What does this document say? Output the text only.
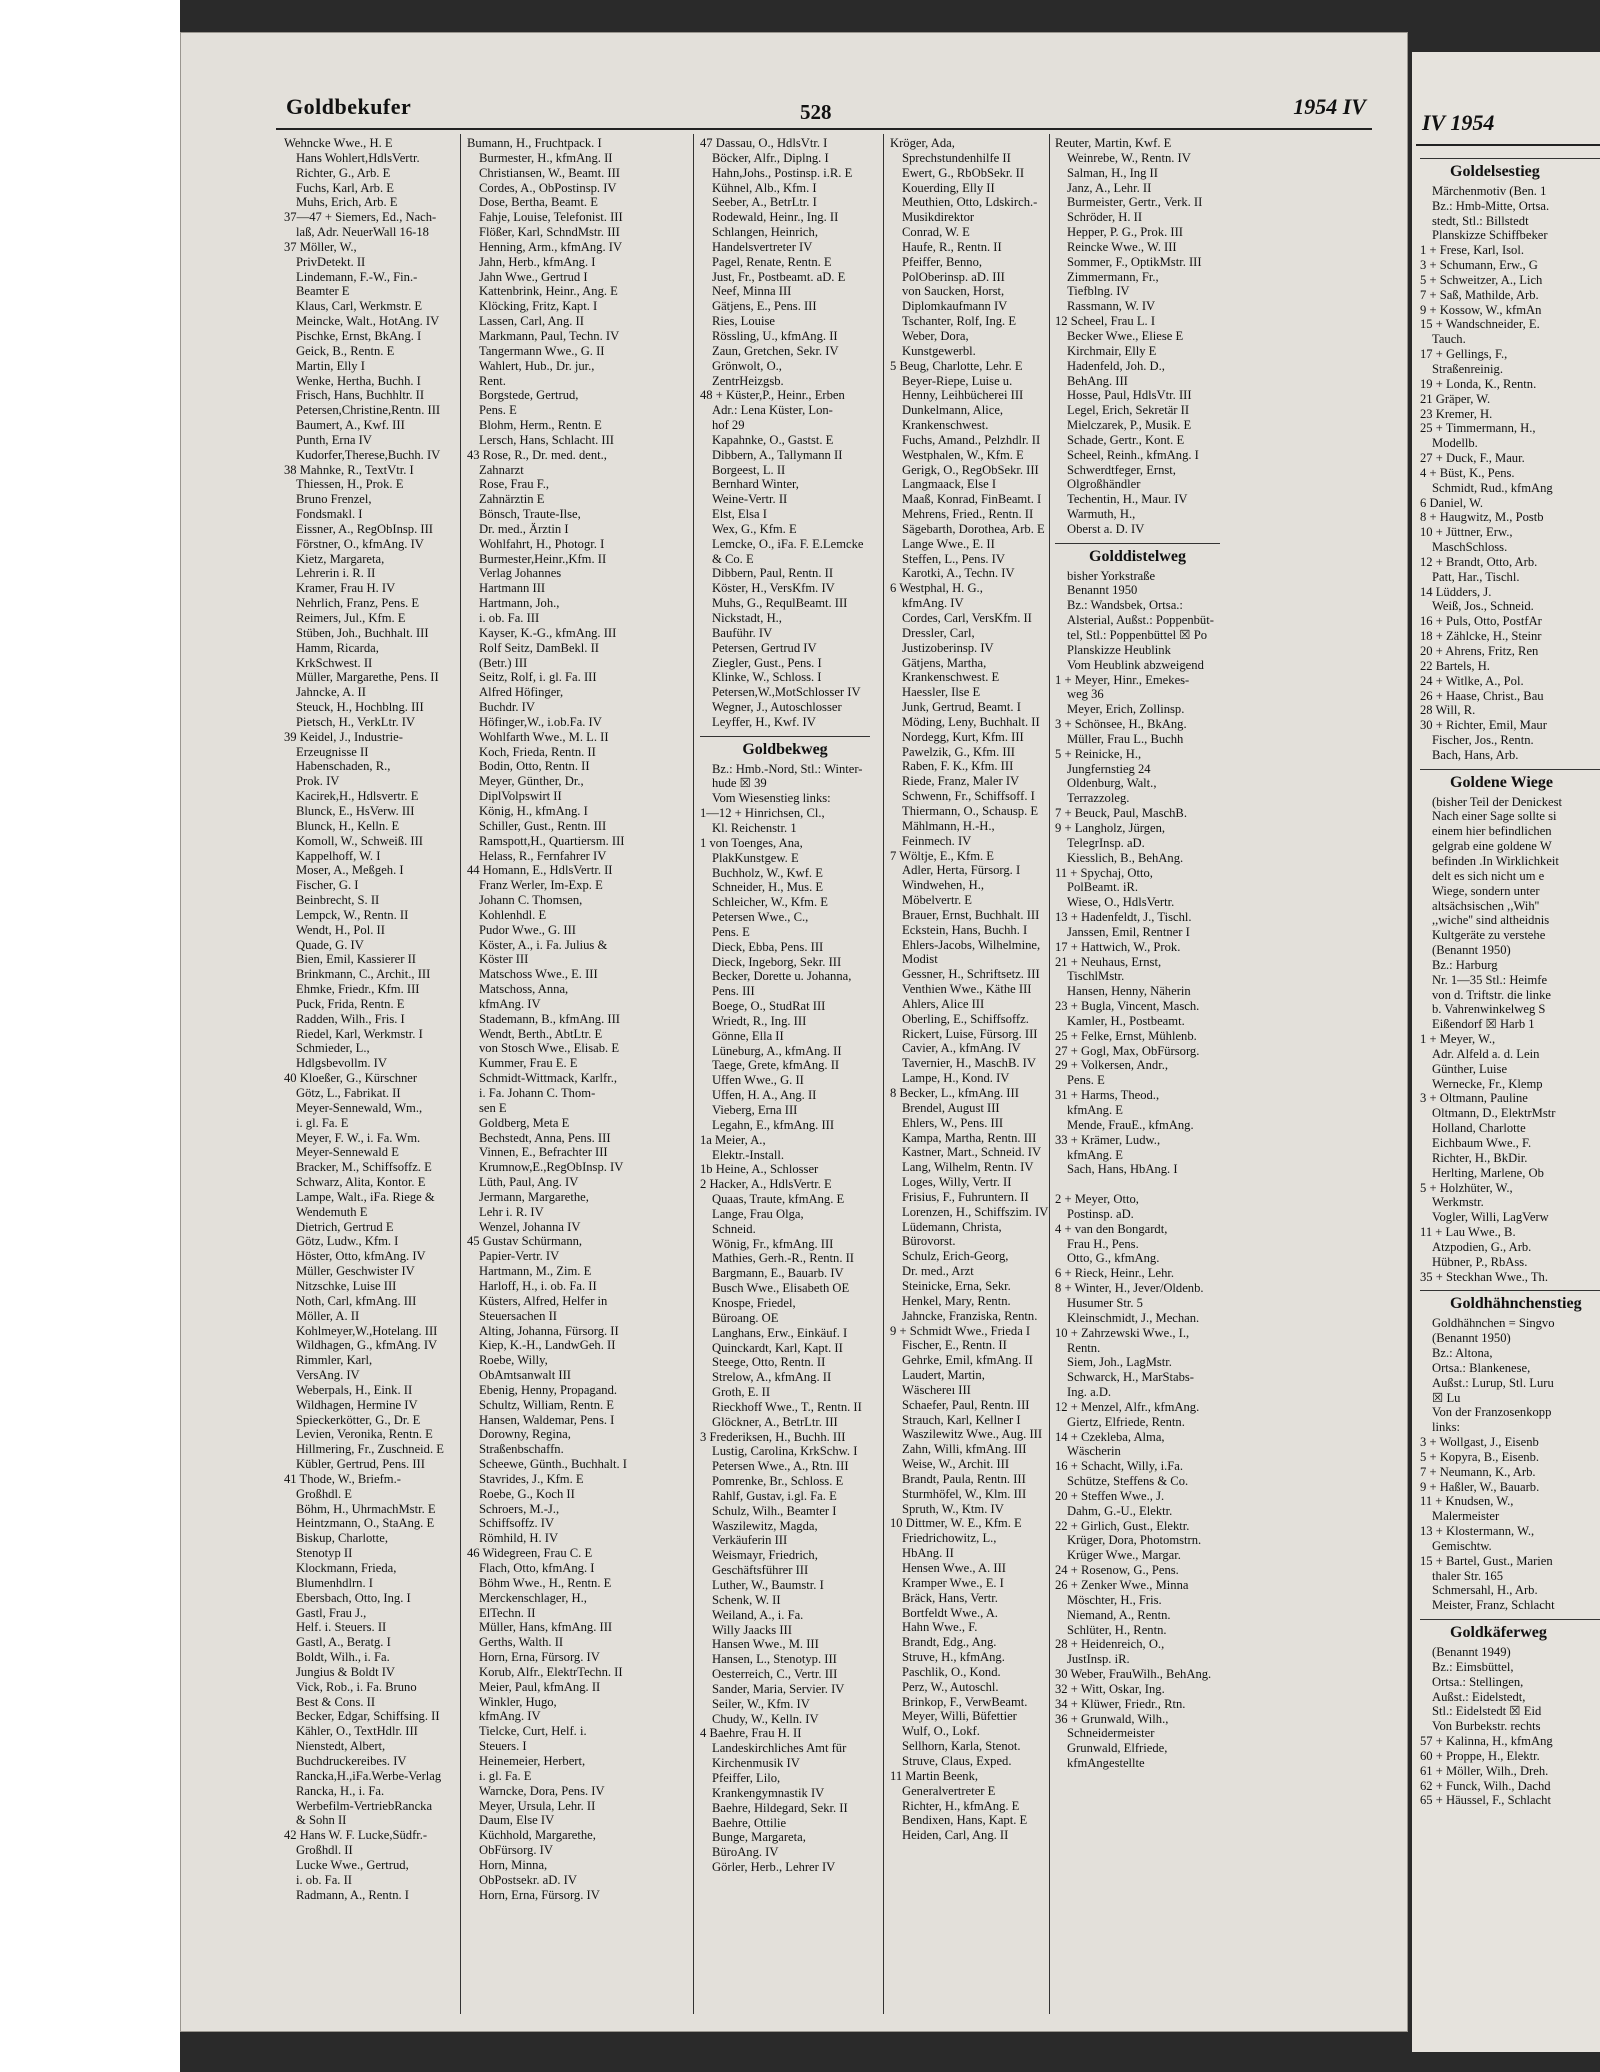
Goldbekufer	528	1954 IV
Wehncke Wwe., H. E
Hans Wohlert,HdlsVertr.
Richter, G., Arb. E
Fuchs, Karl, Arb. E
Muhs, Erich, Arb. E
37—47 + Siemers, Ed., Nach-
laß, Adr. NeuerWall 16-18
37 Möller, W.,
PrivDetekt. II
Lindemann, F.-W., Fin.-
Beamter E
Klaus, Carl, Werkmstr. E
Meincke, Walt., HotAng. IV
Pischke, Ernst, BkAng. I
Geick, B., Rentn. E
Martin, Elly I
Wenke, Hertha, Buchh. I
Frisch, Hans, Buchhltr. II
Petersen,Christine,Rentn. III
Baumert, A., Kwf. III
Punth, Erna IV
Kudorfer,Therese,Buchh. IV
38 Mahnke, R., TextVtr. I
Thiessen, H., Prok. E
Bruno Frenzel,
Fondsmakl. I
Eissner, A., RegObInsp. III
Förstner, O., kfmAng. IV
Kietz, Margareta,
Lehrerin i. R. II
Kramer, Frau H. IV
Nehrlich, Franz, Pens. E
Reimers, Jul., Kfm. E
Stüben, Joh., Buchhalt. III
Hamm, Ricarda,
KrkSchwest. II
Müller, Margarethe, Pens. II
Jahncke, A. II
Steuck, H., Hochblng. III
Pietsch, H., VerkLtr. IV
39 Keidel, J., Industrie-
Erzeugnisse II
Habenschaden, R.,
Prok. IV
Kacirek,H., Hdlsvertr. E
Blunck, E., HsVerw. III
Blunck, H., Kelln. E
Komoll, W., Schweiß. III
Kappelhoff, W. I
Moser, A., Meßgeh. I
Fischer, G. I
Beinbrecht, S. II
Lempck, W., Rentn. II
Wendt, H., Pol. II
Quade, G. IV
Bien, Emil, Kassierer II
Brinkmann, C., Archit., III
Ehmke, Friedr., Kfm. III
Puck, Frida, Rentn. E
Radden, Wilh., Fris. I
Riedel, Karl, Werkmstr. I
Schmieder, L.,
Hdlgsbevollm. IV
40 Kloeßer, G., Kürschner
Götz, L., Fabrikat. II
Meyer-Sennewald, Wm.,
i. gl. Fa. E
Meyer, F. W., i. Fa. Wm.
Meyer-Sennewald E
Bracker, M., Schiffsoffz. E
Schwarz, Alita, Kontor. E
Lampe, Walt., iFa. Riege &
Wendemuth E
Dietrich, Gertrud E
Götz, Ludw., Kfm. I
Höster, Otto, kfmAng. IV
Müller, Geschwister IV
Nitzschke, Luise III
Noth, Carl, kfmAng. III
Möller, A. II
Kohlmeyer,W.,Hotelang. III
Wildhagen, G., kfmAng. IV
Rimmler, Karl,
VersAng. IV
Weberpals, H., Eink. II
Wildhagen, Hermine IV
Spieckerkötter, G., Dr. E
Levien, Veronika, Rentn. E
Hillmering, Fr., Zuschneid. E
Kübler, Gertrud, Pens. III
41 Thode, W., Briefm.-
Großhdl. E
Böhm, H., UhrmachMstr. E
Heintzmann, O., StaAng. E
Biskup, Charlotte,
Stenotyp II
Klockmann, Frieda,
Blumenhdlrn. I
Ebersbach, Otto, Ing. I
Gastl, Frau J.,
Helf. i. Steuers. II
Gastl, A., Beratg. I
Boldt, Wilh., i. Fa.
Jungius & Boldt IV
Vick, Rob., i. Fa. Bruno
Best & Cons. II
Becker, Edgar, Schiffsing. II
Kähler, O., TextHdlr. III
Nienstedt, Albert,
Buchdruckereibes. IV
Rancka,H.,iFa.Werbe-Verlag
Rancka, H., i. Fa.
Werbefilm-VertriebRancka
& Sohn II
42 Hans W. F. Lucke,Südfr.-
Großhdl. II
Lucke Wwe., Gertrud,
i. ob. Fa. II
Radmann, A., Rentn. I
Bumann, H., Fruchtpack. I
Burmester, H., kfmAng. II
Christiansen, W., Beamt. III
Cordes, A., ObPostinsp. IV
Dose, Bertha, Beamt. E
Fahje, Louise, Telefonist. III
Flößer, Karl, SchndMstr. III
Henning, Arm., kfmAng. IV
Jahn, Herb., kfmAng. I
Jahn Wwe., Gertrud I
Kattenbrink, Heinr., Ang. E
Klöcking, Fritz, Kapt. I
Lassen, Carl, Ang. II
Markmann, Paul, Techn. IV
Tangermann Wwe., G. II
Wahlert, Hub., Dr. jur.,
Rent.
Borgstede, Gertrud,
Pens. E
Blohm, Herm., Rentn. E
Lersch, Hans, Schlacht. III
43 Rose, R., Dr. med. dent.,
Zahnarzt
Rose, Frau F.,
Zahnärztin E
Bönsch, Traute-Ilse,
Dr. med., Ärztin I
Wohlfahrt, H., Photogr. I
Burmester,Heinr.,Kfm. II
Verlag Johannes
Hartmann III
Hartmann, Joh.,
i. ob. Fa. III
Kayser, K.-G., kfmAng. III
Rolf Seitz, DamBekl. II
(Betr.) III
Seitz, Rolf, i. gl. Fa. III
Alfred Höfinger,
Buchdr. IV
Höfinger,W., i.ob.Fa. IV
Wohlfarth Wwe., M. L. II
Koch, Frieda, Rentn. II
Bodin, Otto, Rentn. II
Meyer, Günther, Dr.,
DiplVolpswirt II
König, H., kfmAng. I
Schiller, Gust., Rentn. III
Ramspott,H., Quartiersm. III
Helass, R., Fernfahrer IV
44 Homann, E., HdlsVertr. II
Franz Werler, Im-Exp. E
Johann C. Thomsen,
Kohlenhdl. E
Pudor Wwe., G. III
Köster, A., i. Fa. Julius &
Köster III
Matschoss Wwe., E. III
Matschoss, Anna,
kfmAng. IV
Stademann, B., kfmAng. III
Wendt, Berth., AbtLtr. E
von Stosch Wwe., Elisab. E
Kummer, Frau E. E
Schmidt-Wittmack, Karlfr.,
i. Fa. Johann C. Thom-
sen E
Goldberg, Meta E
Bechstedt, Anna, Pens. III
Vinnen, E., Befrachter III
Krumnow,E.,RegObInsp. IV
Lüth, Paul, Ang. IV
Jermann, Margarethe,
Lehr i. R. IV
Wenzel, Johanna IV
45 Gustav Schürmann,
Papier-Vertr. IV
Hartmann, M., Zim. E
Harloff, H., i. ob. Fa. II
Küsters, Alfred, Helfer in
Steuersachen II
Alting, Johanna, Fürsorg. II
Kiep, K.-H., LandwGeh. II
Roebe, Willy,
ObAmtsanwalt III
Ebenig, Henny, Propagand.
Schultz, William, Rentn. E
Hansen, Waldemar, Pens. I
Dorowny, Regina,
Straßenbschaffn.
Scheewe, Günth., Buchhalt. I
Stavrides, J., Kfm. E
Roebe, G., Koch II
Schroers, M.-J.,
Schiffsoffz. IV
Römhild, H. IV
46 Widegreen, Frau C. E
Flach, Otto, kfmAng. I
Böhm Wwe., H., Rentn. E
Merckenschlager, H.,
ElTechn. II
Müller, Hans, kfmAng. III
Gerths, Walth. II
Horn, Erna, Fürsorg. IV
Korub, Alfr., ElektrTechn. II
Meier, Paul, kfmAng. II
Winkler, Hugo,
kfmAng. IV
Tielcke, Curt, Helf. i.
Steuers. I
Heinemeier, Herbert,
i. gl. Fa. E
Warncke, Dora, Pens. IV
Meyer, Ursula, Lehr. II
Daum, Else IV
Küchhold, Margarethe,
ObFürsorg. IV
Horn, Minna,
ObPostsekr. aD. IV
Horn, Erna, Fürsorg. IV
47 Dassau, O., HdlsVtr. I
Böcker, Alfr., Diplng. I
Hahn,Johs., Postinsp. i.R. E
Kühnel, Alb., Kfm. I
Seeber, A., BetrLtr. I
Rodewald, Heinr., Ing. II
Schlangen, Heinrich,
Handelsvertreter IV
Pagel, Renate, Rentn. E
Just, Fr., Postbeamt. aD. E
Neef, Minna III
Gätjens, E., Pens. III
Ries, Louise
Rössling, U., kfmAng. II
Zaun, Gretchen, Sekr. IV
Grönwolt, O.,
ZentrHeizgsb.
48 + Küster,P., Heinr., Erben
Adr.: Lena Küster, Lon-
hof 29
Kapahnke, O., Gastst. E
Dibbern, A., Tallymann II
Borgeest, L. II
Bernhard Winter,
Weine-Vertr. II
Elst, Elsa I
Wex, G., Kfm. E
Lemcke, O., iFa. F. E.Lemcke
& Co. E
Dibbern, Paul, Rentn. II
Köster, H., VersKfm. IV
Muhs, G., RequlBeamt. III
Nickstadt, H.,
Bauführ. IV
Petersen, Gertrud IV
Ziegler, Gust., Pens. I
Klinke, W., Schloss. I
Petersen,W.,MotSchlosser IV
Wegner, J., Autoschlosser
Leyffer, H., Kwf. IV
Goldbekweg
Bz.: Hmb.-Nord, Stl.: Winter-
hude ☒ 39
Vom Wiesenstieg links:
1—12 + Hinrichsen, Cl.,
Kl. Reichenstr. 1
1 von Toenges, Ana,
PlakKunstgew. E
Buchholz, W., Kwf. E
Schneider, H., Mus. E
Schleicher, W., Kfm. E
Petersen Wwe., C.,
Pens. E
Dieck, Ebba, Pens. III
Dieck, Ingeborg, Sekr. III
Becker, Dorette u. Johanna,
Pens. III
Boege, O., StudRat III
Wriedt, R., Ing. III
Gönne, Ella II
Lüneburg, A., kfmAng. II
Taege, Grete, kfmAng. II
Uffen Wwe., G. II
Uffen, H. A., Ang. II
Vieberg, Erna III
Legahn, E., kfmAng. III
1a Meier, A.,
Elektr.-Install.
1b Heine, A., Schlosser
2 Hacker, A., HdlsVertr. E
Quaas, Traute, kfmAng. E
Lange, Frau Olga,
Schneid.
Wönig, Fr., kfmAng. III
Mathies, Gerh.-R., Rentn. II
Bargmann, E., Bauarb. IV
Busch Wwe., Elisabeth OE
Knospe, Friedel,
Büroang. OE
Langhans, Erw., Einkäuf. I
Quinckardt, Karl, Kapt. II
Steege, Otto, Rentn. II
Strelow, A., kfmAng. II
Groth, E. II
Rieckhoff Wwe., T., Rentn. II
Glöckner, A., BetrLtr. III
3 Frederiksen, H., Buchh. III
Lustig, Carolina, KrkSchw. I
Petersen Wwe., A., Rtn. III
Pomrenke, Br., Schloss. E
Rahlf, Gustav, i.gl. Fa. E
Schulz, Wilh., Beamter I
Waszilewitz, Magda,
Verkäuferin III
Weismayr, Friedrich,
Geschäftsführer III
Luther, W., Baumstr. I
Schenk, W. II
Weiland, A., i. Fa.
Willy Jaacks III
Hansen Wwe., M. III
Hansen, L., Stenotyp. III
Oesterreich, C., Vertr. III
Sander, Maria, Servier. IV
Seiler, W., Kfm. IV
Chudy, W., Kelln. IV
4 Baehre, Frau H. II
Landeskirchliches Amt für
Kirchenmusik IV
Pfeiffer, Lilo,
Krankengymnastik IV
Baehre, Hildegard, Sekr. II
Baehre, Ottilie
Bunge, Margareta,
BüroAng. IV
Görler, Herb., Lehrer IV
Kröger, Ada,
Sprechstundenhilfe II
Ewert, G., RbObSekr. II
Kouerding, Elly II
Meuthien, Otto, Ldskirch.-
Musikdirektor
Conrad, W. E
Haufe, R., Rentn. II
Pfeiffer, Benno,
PolOberinsp. aD. III
von Saucken, Horst,
Diplomkaufmann IV
Tschanter, Rolf, Ing. E
Weber, Dora,
Kunstgewerbl.
5 Beug, Charlotte, Lehr. E
Beyer-Riepe, Luise u.
Henny, Leihbücherei III
Dunkelmann, Alice,
Krankenschwest.
Fuchs, Amand., Pelzhdlr. II
Westphalen, W., Kfm. E
Gerigk, O., RegObSekr. III
Langmaack, Else I
Maaß, Konrad, FinBeamt. I
Mehrens, Fried., Rentn. II
Sägebarth, Dorothea, Arb. E
Lange Wwe., E. II
Steffen, L., Pens. IV
Karotki, A., Techn. IV
6 Westphal, H. G.,
kfmAng. IV
Cordes, Carl, VersKfm. II
Dressler, Carl,
Justizoberinsp. IV
Gätjens, Martha,
Krankenschwest. E
Haessler, Ilse E
Junk, Gertrud, Beamt. I
Möding, Leny, Buchhalt. II
Nordegg, Kurt, Kfm. III
Pawelzik, G., Kfm. III
Raben, F. K., Kfm. III
Riede, Franz, Maler IV
Schwenn, Fr., Schiffsoff. I
Thiermann, O., Schausp. E
Mählmann, H.-H.,
Feinmech. IV
7 Wöltje, E., Kfm. E
Adler, Herta, Fürsorg. I
Windwehen, H.,
Möbelvertr. E
Brauer, Ernst, Buchhalt. III
Eckstein, Hans, Buchh. I
Ehlers-Jacobs, Wilhelmine,
Modist
Gessner, H., Schriftsetz. III
Venthien Wwe., Käthe III
Ahlers, Alice III
Oberling, E., Schiffsoffz.
Rickert, Luise, Fürsorg. III
Cavier, A., kfmAng. IV
Tavernier, H., MaschB. IV
Lampe, H., Kond. IV
8 Becker, L., kfmAng. III
Brendel, August III
Ehlers, W., Pens. III
Kampa, Martha, Rentn. III
Kastner, Mart., Schneid. IV
Lang, Wilhelm, Rentn. IV
Loges, Willy, Vertr. II
Frisius, F., Fuhruntern. II
Lorenzen, H., Schiffszim. IV
Lüdemann, Christa,
Bürovorst.
Schulz, Erich-Georg,
Dr. med., Arzt
Steinicke, Erna, Sekr.
Henkel, Mary, Rentn.
Jahncke, Franziska, Rentn.
9 + Schmidt Wwe., Frieda I
Fischer, E., Rentn. II
Gehrke, Emil, kfmAng. II
Laudert, Martin,
Wäschereı III
Schaefer, Paul, Rentn. III
Strauch, Karl, Kellner I
Waszilewitz Wwe., Aug. III
Zahn, Willi, kfmAng. III
Weise, W., Archit. III
Brandt, Paula, Rentn. III
Sturmhöfel, W., Klm. III
Spruth, W., Ktm. IV
10 Dittmer, W. E., Kfm. E
Friedrichowitz, L.,
HbAng. II
Hensen Wwe., A. III
Kramper Wwe., E. I
Bräck, Hans, Vertr.
Bortfeldt Wwe., A.
Hahn Wwe., F.
Brandt, Edg., Ang.
Struve, H., kfmAng.
Paschlik, O., Kond.
Perz, W., Autoschl.
Brinkop, F., VerwBeamt.
Meyer, Willi, Büfettier
Wulf, O., Lokf.
Sellhorn, Karla, Stenot.
Struve, Claus, Exped.
11 Martin Beenk,
Generalvertreter E
Richter, H., kfmAng. E
Bendixen, Hans, Kapt. E
Heiden, Carl, Ang. II
Reuter, Martin, Kwf. E
Weinrebe, W., Rentn. IV
Salman, H., Ing II
Janz, A., Lehr. II
Burmeister, Gertr., Verk. II
Schröder, H. II
Hepper, P. G., Prok. III
Reincke Wwe., W. III
Sommer, F., OptikMstr. III
Zimmermann, Fr.,
Tiefblng. IV
Rassmann, W. IV
12 Scheel, Frau L. I
Becker Wwe., Eliese E
Kirchmair, Elly E
Hadenfeld, Joh. D.,
BehAng. III
Hosse, Paul, HdlsVtr. III
Legel, Erich, Sekretär II
Mielczarek, P., Musik. E
Schade, Gertr., Kont. E
Scheel, Reinh., kfmAng. I
Schwerdtfeger, Ernst,
Olgroßhändler
Techentin, H., Maur. IV
Warmuth, H.,
Oberst a. D. IV
Golddistelweg
bisher Yorkstraße
Benannt 1950
Bz.: Wandsbek, Ortsa.:
Alsterial, Außst.: Poppenbüt-
tel, Stl.: Poppenbüttel ☒ Po
Planskizze Heublink
Vom Heublink abzweigend
1 + Meyer, Hinr., Emekes-
weg 36
Meyer, Erich, Zollinsp.
3 + Schönsee, H., BkAng.
Müller, Frau L., Buchh
5 + Reinicke, H.,
Jungfernstieg 24
Oldenburg, Walt.,
Terrazzoleg.
7 + Beuck, Paul, MaschB.
9 + Langholz, Jürgen,
TelegrInsp. aD.
Kiesslich, B., BehAng.
11 + Spychaj, Otto,
PolBeamt. iR.
Wiese, O., HdlsVertr.
13 + Hadenfeldt, J., Tischl.
Janssen, Emil, Rentner I
17 + Hattwich, W., Prok.
21 + Neuhaus, Ernst,
TischlMstr.
Hansen, Henny, Näherin
23 + Bugla, Vincent, Masch.
Kamler, H., Postbeamt.
25 + Felke, Ernst, Mühlenb.
27 + Gogl, Max, ObFürsorg.
29 + Volkersen, Andr.,
Pens. E
31 + Harms, Theod.,
kfmAng. E
Mende, FrauE., kfmAng.
33 + Krämer, Ludw.,
kfmAng. E
Sach, Hans, HbAng. I

2 + Meyer, Otto,
Postinsp. aD.
4 + van den Bongardt,
Frau H., Pens.
Otto, G., kfmAng.
6 + Rieck, Heinr., Lehr.
8 + Winter, H., Jever/Oldenb.
Husumer Str. 5
Kleinschmidt, J., Mechan.
10 + Zahrzewski Wwe., I.,
Rentn.
Siem, Joh., LagMstr.
Schwarck, H., MarStabs-
Ing. a.D.
12 + Menzel, Alfr., kfmAng.
Giertz, Elfriede, Rentn.
14 + Czekleba, Alma,
Wäscherin
16 + Schacht, Willy, i.Fa.
Schütze, Steffens & Co.
20 + Steffen Wwe., J.
Dahm, G.-U., Elektr.
22 + Girlich, Gust., Elektr.
Krüger, Dora, Photomstrn.
Krüger Wwe., Margar.
24 + Rosenow, G., Pens.
26 + Zenker Wwe., Minna
Möschter, H., Fris.
Niemand, A., Rentn.
Schlüter, H., Rentn.
28 + Heidenreich, O.,
JustInsp. iR.
30 Weber, FrauWilh., BehAng.
32 + Witt, Oskar, Ing.
34 + Klüwer, Friedr., Rtn.
36 + Grunwald, Wilh.,
Schneidermeister
Grunwald, Elfriede,
kfmAngestellte
IV 1954
Goldelsestieg
Märchenmotiv (Ben. 1
Bz.: Hmb-Mitte, Ortsa.
stedt, Stl.: Billstedt
Planskizze Schiffbeker
1 + Frese, Karl, Isol.
3 + Schumann, Erw., G
5 + Schweitzer, A., Lich
7 + Saß, Mathilde, Arb.
9 + Kossow, W., kfmAn
15 + Wandschneider, E.
Tauch.
17 + Gellings, F.,
Straßenreinig.
19 + Londa, K., Rentn.
21 Gräper, W.
23 Kremer, H.
25 + Timmermann, H.,
Modellb.
27 + Duck, F., Maur.
4 + Büst, K., Pens.
Schmidt, Rud., kfmAng
6 Daniel, W.
8 + Haugwitz, M., Postb
10 + Jüttner, Erw.,
MaschSchloss.
12 + Brandt, Otto, Arb.
Patt, Har., Tischl.
14 Lüdders, J.
Weiß, Jos., Schneid.
16 + Puls, Otto, PostfAr
18 + Zählcke, H., Steinr
20 + Ahrens, Fritz, Ren
22 Bartels, H.
24 + Witlke, A., Pol.
26 + Haase, Christ., Bau
28 Will, R.
30 + Richter, Emil, Maur
Fischer, Jos., Rentn.
Bach, Hans, Arb.
Goldene Wiege
(bisher Teil der Denickest
Nach einer Sage sollte si
einem hier befindlichen
gelgrab eine goldene W
befinden .In Wirklichkeit
delt es sich nicht um e
Wiege, sondern unter
altsächsischen ,,Wih''
,,wiche'' sind altheidnis
Kultgeräte zu verstehe
(Benannt 1950)
Bz.: Harburg
Nr. 1—35 Stl.: Heimfe
von d. Triftstr. die linke
b. Vahrenwinkelweg S
Eißendorf ☒ Harb 1
1 + Meyer, W.,
Adr. Alfeld a. d. Lein
Günther, Luise
Wernecke, Fr., Klemp
3 + Oltmann, Pauline
Oltmann, D., ElektrMstr
Holland, Charlotte
Eichbaum Wwe., F.
Richter, H., BkDir.
Herlting, Marlene, Ob
5 + Holzhüter, W.,
Werkmstr.
Vogler, Willi, LagVerw
11 + Lau Wwe., B.
Atzpodien, G., Arb.
Hübner, P., RbAss.
35 + Steckhan Wwe., Th.
Goldhähnchenstieg
Goldhähnchen = Singvo
(Benannt 1950)
Bz.: Altona,
Ortsa.: Blankenese,
Außst.: Lurup, Stl. Luru
☒ Lu
Von der Franzosenkopp
links:
3 + Wollgast, J., Eisenb
5 + Kopyra, B., Eisenb.
7 + Neumann, K., Arb.
9 + Haßler, W., Bauarb.
11 + Knudsen, W.,
Malermeister
13 + Klostermann, W.,
Gemischtw.
15 + Bartel, Gust., Marien
thaler Str. 165
Schmersahl, H., Arb.
Meister, Franz, Schlacht
Goldkäferweg
(Benannt 1949)
Bz.: Eimsbüttel,
Ortsa.: Stellingen,
Außst.: Eidelstedt,
Stl.: Eidelstedt ☒ Eid
Von Burbekstr. rechts
57 + Kalinna, H., kfmAng
60 + Proppe, H., Elektr.
61 + Möller, Wilh., Dreh.
62 + Funck, Wilh., Dachd
65 + Häussel, F., Schlacht
